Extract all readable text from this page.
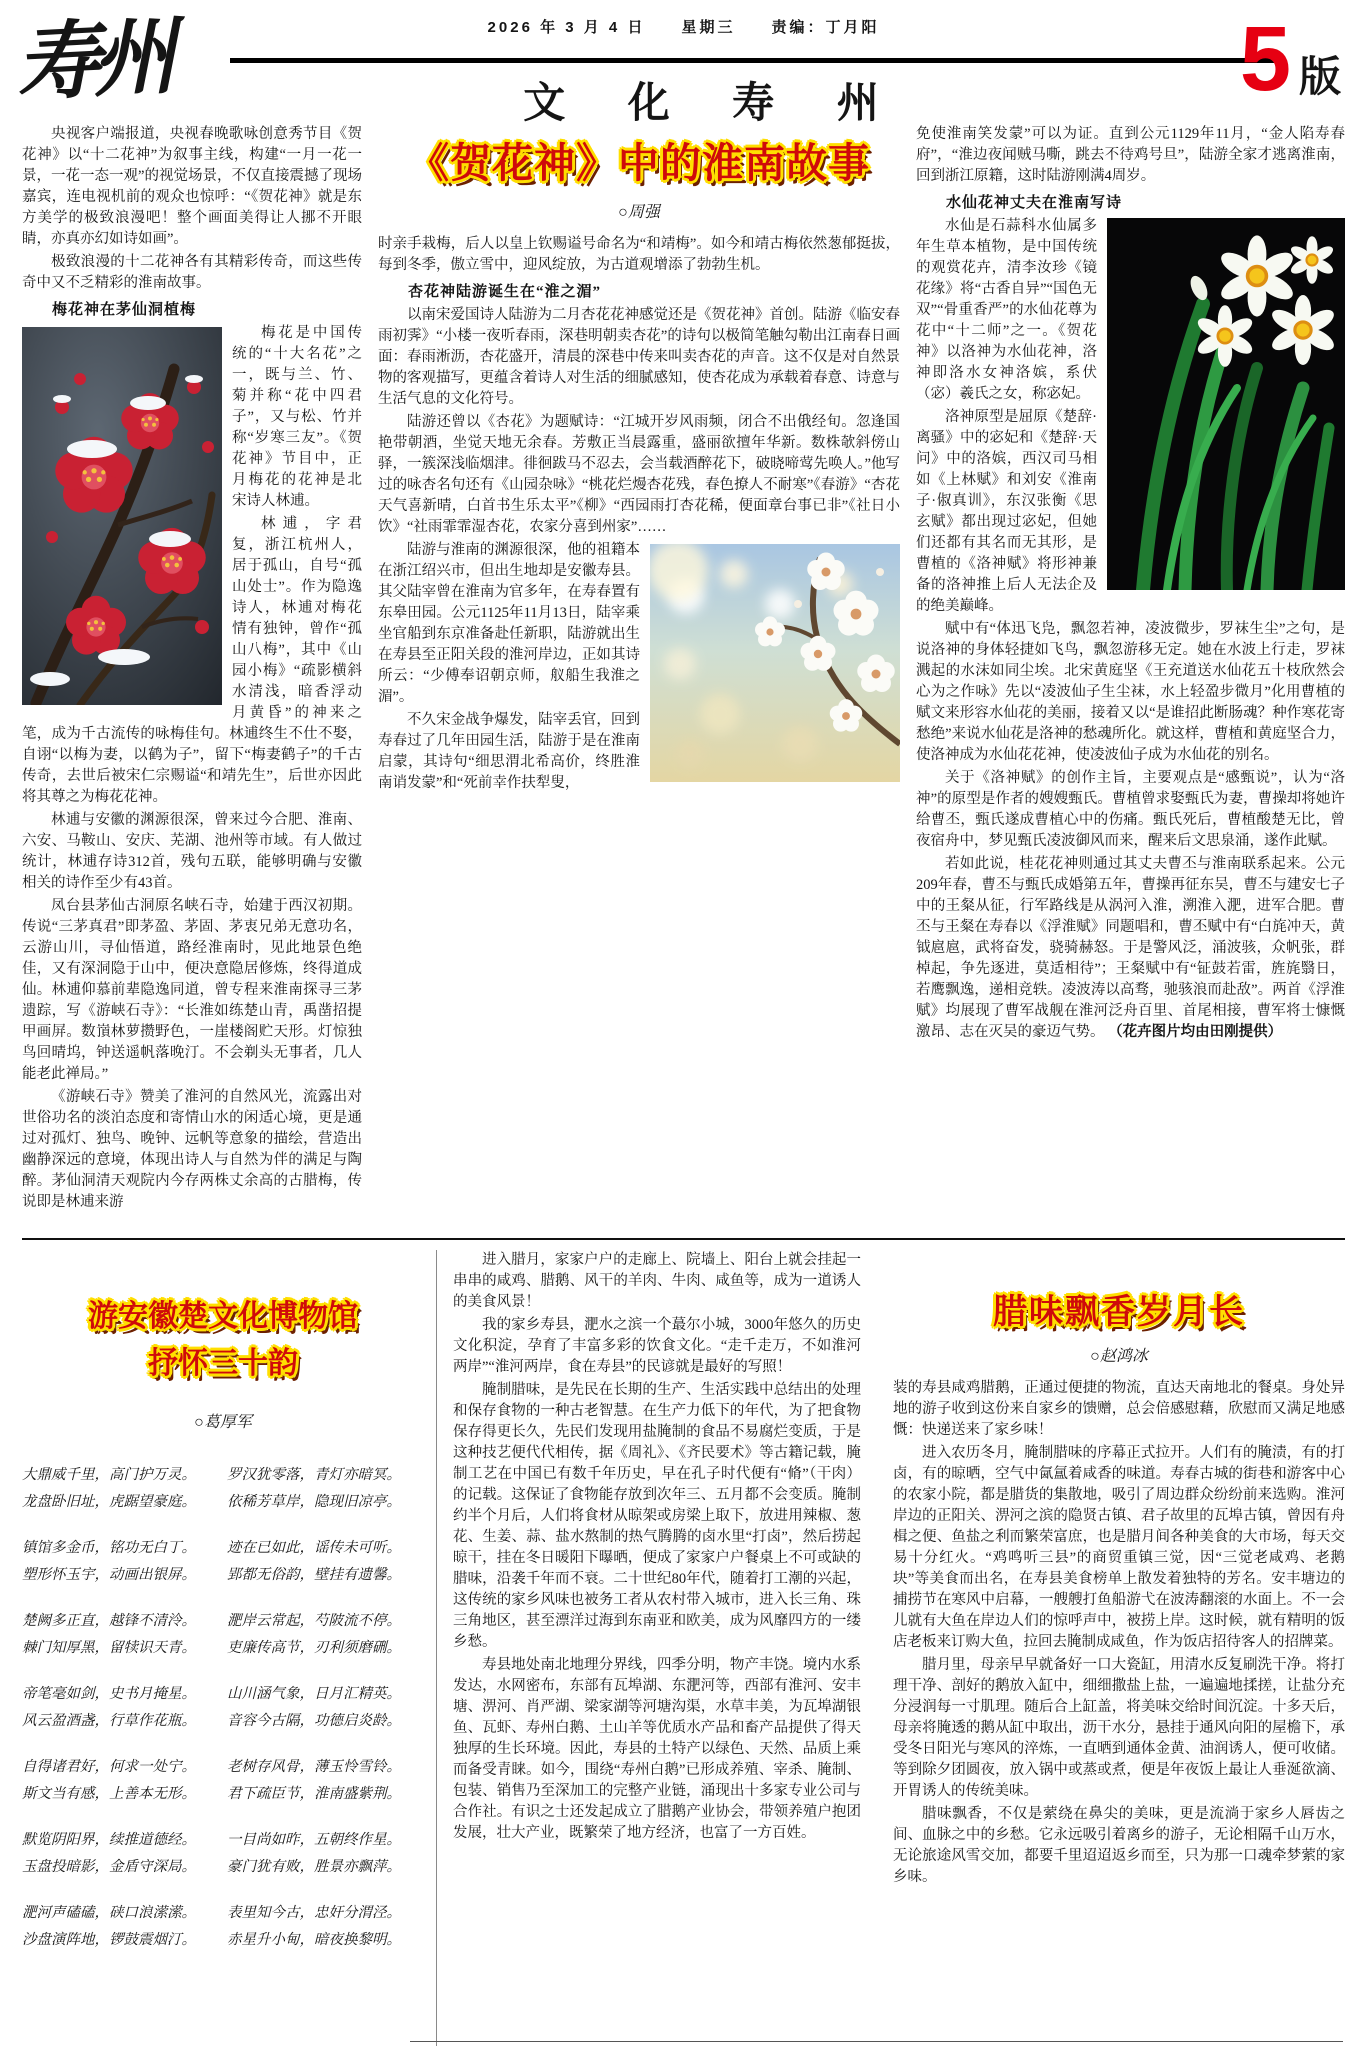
2026 年 3 月 4 日　　星期三　　责编：丁月阳
寿州	文 化 寿 州	5 版

央视客户端报道，央视春晚歌咏创意秀节目《贺花神》以“十二花神”为叙事主线，构建“一月一花一景，一花一态一观”的视觉场景，不仅直接震撼了现场嘉宾，连电视机前的观众也惊呼：“《贺花神》就是东方美学的极致浪漫吧！整个画面美得让人挪不开眼睛，亦真亦幻如诗如画”。

极致浪漫的十二花神各有其精彩传奇，而这些传奇中又不乏精彩的淮南故事。

梅花神在茅仙洞植梅

梅花是中国传统的“十大名花”之一，既与兰、竹、菊并称“花中四君子”，又与松、竹并称“岁寒三友”。《贺花神》节目中，正月梅花的花神是北宋诗人林逋。

林逋，字君复，浙江杭州人，居于孤山，自号“孤山处士”。作为隐逸诗人，林逋对梅花情有独钟，曾作“孤山八梅”，其中《山园小梅》“疏影横斜水清浅，暗香浮动月黄昏”的神来之笔，成为千古流传的咏梅佳句。林逋终生不仕不娶，自诩“以梅为妻，以鹤为子”，留下“梅妻鹤子”的千古传奇，去世后被宋仁宗赐谥“和靖先生”，后世亦因此将其尊之为梅花花神。

林逋与安徽的渊源很深，曾来过今合肥、淮南、六安、马鞍山、安庆、芜湖、池州等市域。有人做过统计，林逋存诗312首，残句五联，能够明确与安徽相关的诗作至少有43首。

凤台县茅仙古洞原名峡石寺，始建于西汉初期。传说“三茅真君”即茅盈、茅固、茅衷兄弟无意功名，云游山川，寻仙悟道，路经淮南时，见此地景色绝佳，又有深洞隐于山中，便决意隐居修炼，终得道成仙。林逋仰慕前辈隐逸同道，曾专程来淮南探寻三茅遗踪，写《游峡石寺》：“长淮如练楚山青，禹凿招提甲画屏。数嵿林萝攒野色，一崖楼阁贮天形。灯惊独鸟回晴坞，钟送遥帆落晚汀。不会剃头无事者，几人能老此禅局。”

《游峡石寺》赞美了淮河的自然风光，流露出对世俗功名的淡泊态度和寄情山水的闲适心境，更是通过对孤灯、独鸟、晚钟、远帆等意象的描绘，营造出幽静深远的意境，体现出诗人与自然为伴的满足与陶醉。茅仙洞清天观院内今存两株丈余高的古腊梅，传说即是林逋来游

《贺花神》中的淮南故事
○周强

时亲手栽梅，后人以皇上钦赐谥号命名为“和靖梅”。如今和靖古梅依然葱郁挺拔，每到冬季，傲立雪中，迎风绽放，为古道观增添了勃勃生机。

杏花神陆游诞生在“淮之湄”

以南宋爱国诗人陆游为二月杏花花神感觉还是《贺花神》首创。陆游《临安春雨初霁》“小楼一夜听春雨，深巷明朝卖杏花”的诗句以极简笔触勾勒出江南春日画面：春雨淅沥，杏花盛开，清晨的深巷中传来叫卖杏花的声音。这不仅是对自然景物的客观描写，更蕴含着诗人对生活的细腻感知，使杏花成为承载着春意、诗意与生活气息的文化符号。

陆游还曾以《杏花》为题赋诗：“江城开岁风雨频，闭合不出俄经旬。忽逢国艳带朝酒，坐觉天地无余春。芳敷正当晨露重，盛丽欲擅年华新。数株欹斜傍山驿，一簇深浅临烟津。徘徊跋马不忍去，会当载酒醉花下，破晓啼莺先唤人。”他写过的咏杏名句还有《山园杂咏》“桃花烂熳杏花残，春色撩人不耐寒”《春游》“杏花天气喜新晴，白首书生乐太平”《柳》“西园雨打杏花稀，便面章台事已非”《社日小饮》“社雨霏霏湿杏花，农家分喜到州家”……

陆游与淮南的渊源很深，他的祖籍本在浙江绍兴市，但出生地却是安徽寿县。其父陆宰曾在淮南为官多年，在寿春置有东皋田园。公元1125年11月13日，陆宰乘坐官船到东京准备赴任新职，陆游就出生在寿县至正阳关段的淮河岸边，正如其诗所云：“少傅奉诏朝京师，舣船生我淮之湄”。

不久宋金战争爆发，陆宰丢官，回到寿春过了几年田园生活，陆游于是在淮南启蒙，其诗句“细思渭北希高价，终胜淮南诮发蒙”和“死前幸作扶犁叟，

免使淮南笑发蒙”可以为证。直到公元1129年11月，“金人陷寿春府”，“淮边夜闻贼马嘶，跳去不待鸡号旦”，陆游全家才逃离淮南，回到浙江原籍，这时陆游刚满4周岁。

水仙花神丈夫在淮南写诗

水仙是石蒜科水仙属多年生草本植物，是中国传统的观赏花卉，清李汝珍《镜花缘》将“古香自异”“国色无双”“骨重香严”的水仙花尊为花中“十二师”之一。《贺花神》以洛神为水仙花神，洛神即洛水女神洛嫔，系伏（宓）羲氏之女，称宓妃。

洛神原型是屈原《楚辞·离骚》中的宓妃和《楚辞·天问》中的洛嫔，西汉司马相如《上林赋》和刘安《淮南子·俶真训》，东汉张衡《思玄赋》都出现过宓妃，但她们还都有其名而无其形，是曹植的《洛神赋》将形神兼备的洛神推上后人无法企及的绝美巅峰。

赋中有“体迅飞凫，飘忽若神，凌波微步，罗袜生尘”之句，是说洛神的身体轻捷如飞鸟，飘忽游移无定。她在水波上行走，罗袜溅起的水沫如同尘埃。北宋黄庭坚《王充道送水仙花五十枝欣然会心为之作咏》先以“凌波仙子生尘袜，水上轻盈步微月”化用曹植的赋文来形容水仙花的美丽，接着又以“是谁招此断肠魂？种作寒花寄愁绝”来说水仙花是洛神的愁魂所化。就这样，曹植和黄庭坚合力，使洛神成为水仙花花神，使凌波仙子成为水仙花的别名。

关于《洛神赋》的创作主旨，主要观点是“感甄说”，认为“洛神”的原型是作者的嫂嫂甄氏。曹植曾求娶甄氏为妻，曹操却将她许给曹丕，甄氏遂成曹植心中的伤痛。甄氏死后，曹植酸楚无比，曾夜宿舟中，梦见甄氏凌波御风而来，醒来后文思泉涌，遂作此赋。

若如此说，桂花花神则通过其丈夫曹丕与淮南联系起来。公元209年春，曹丕与甄氏成婚第五年，曹操再征东吴，曹丕与建安七子中的王粲从征，行军路线是从涡河入淮，溯淮入淝，进军合肥。曹丕与王粲在寿春以《浮淮赋》同题唱和，曹丕赋中有“白旄冲天，黄钺扈扈，武将奋发，骁骑赫怒。于是警风泛，涌波骇，众帆张，群棹起，争先逐进，莫适相待”；王粲赋中有“钲鼓若雷，旌旄翳日，若鹰飘逸，递相竞轶。凌波涛以高骛，驰骇浪而赴敌”。两首《浮淮赋》均展现了曹军战舰在淮河泛舟百里、首尾相接，曹军将士慷慨激昂、志在灭吴的豪迈气势。 （花卉图片均由田刚提供）

游安徽楚文化博物馆
抒怀三十韵
○葛厚军
大鼎威千里，高门护万灵。
龙盘卧旧址，虎踞望豪庭。
镇馆多金币，铭功无白丁。
塑形怀玉宇，动画出银屏。
楚阙多正直，越锋不清泠。
棘门知厚黑，留犊识天青。
帝笔毫如剑，史书月掩星。
风云盈酒盏，行草作花瓶。
自得诸君好，何求一处宁。
斯文当有感，上善本无形。
默览阴阳界，续推道德经。
玉盘投暗影，金盾守深局。
淝河声磕磕，硖口浪潆潆。
沙盘演阵地，锣鼓震烟汀。
罗汉犹零落，青灯亦暗冥。
依稀芳草岸，隐现旧凉亭。
迹在已如此，谣传未可听。
郢都无俗韵，壁挂有遗馨。
淝岸云常起，芍陂流不停。
吏廉传高节，刃利须磨硎。
山川涵气象，日月汇精英。
音容今古隔，功德启炎龄。
老树存风骨，薄玉怜雪铃。
君下疏臣节，淮南盛紫荆。
一目尚如昨，五朝终作星。
豪门犹有败，胜景亦飘萍。
表里知今古，忠奸分渭泾。
赤星升小甸，暗夜换黎明。

进入腊月，家家户户的走廊上、院墙上、阳台上就会挂起一串串的咸鸡、腊鹅、风干的羊肉、牛肉、咸鱼等，成为一道诱人的美食风景！

我的家乡寿县，淝水之滨一个蕞尔小城，3000年悠久的历史文化积淀，孕育了丰富多彩的饮食文化。“走千走万，不如淮河两岸”“淮河两岸，食在寿县”的民谚就是最好的写照！

腌制腊味，是先民在长期的生产、生活实践中总结出的处理和保存食物的一种古老智慧。在生产力低下的年代，为了把食物保存得更长久，先民们发现用盐腌制的食品不易腐烂变质，于是这种技艺便代代相传，据《周礼》、《齐民要术》等古籍记载，腌制工艺在中国已有数千年历史，早在孔子时代便有“脩”（干肉）的记载。这保证了食物能存放到次年三、五月都不会变质。腌制约半个月后，人们将食材从晾架或房梁上取下，放进用辣椒、葱花、生姜、蒜、盐水熬制的热气腾腾的卤水里“打卤”，然后捞起晾干，挂在冬日暖阳下曝晒，便成了家家户户餐桌上不可或缺的腊味，沿袭千年而不衰。二十世纪80年代，随着打工潮的兴起，这传统的家乡风味也被务工者从农村带入城市，进入长三角、珠三角地区，甚至漂洋过海到东南亚和欧美，成为风靡四方的一缕乡愁。

寿县地处南北地理分界线，四季分明，物产丰饶。境内水系发达，水网密布，东部有瓦埠湖、东淝河等，西部有淮河、安丰塘、淠河、肖严湖、梁家湖等河塘沟渠，水草丰美，为瓦埠湖银鱼、瓦虾、寿州白鹅、土山羊等优质水产品和畜产品提供了得天独厚的生长环境。因此，寿县的土特产以绿色、天然、品质上乘而备受青睐。如今，围绕“寿州白鹅”已形成养殖、宰杀、腌制、包装、销售乃至深加工的完整产业链，涌现出十多家专业公司与合作社。有识之士还发起成立了腊鹅产业协会，带领养殖户抱团发展，壮大产业，既繁荣了地方经济，也富了一方百姓。

腊味飘香岁月长
○赵鸿冰

装的寿县咸鸡腊鹅，正通过便捷的物流，直达天南地北的餐桌。身处异地的游子收到这份来自家乡的馈赠，总会倍感慰藉，欣慰而又满足地感慨：快递送来了家乡味！

进入农历冬月，腌制腊味的序幕正式拉开。人们有的腌渍，有的打卤，有的晾晒，空气中氤氲着咸香的味道。寿春古城的街巷和游客中心的农家小院，都是腊货的集散地，吸引了周边群众纷纷前来选购。淮河岸边的正阳关、淠河之滨的隐贤古镇、君子故里的瓦埠古镇，曾因有舟楫之便、鱼盐之利而繁荣富庶，也是腊月间各种美食的大市场，每天交易十分红火。“鸡鸣听三县”的商贸重镇三觉，因“三觉老咸鸡、老鹅块”等美食而出名，在寿县美食榜单上散发着独特的芳名。安丰塘边的捕捞节在寒风中启幕，一艘艘打鱼船游弋在波涛翻滚的水面上。不一会儿就有大鱼在岸边人们的惊呼声中，被捞上岸。这时候，就有精明的饭店老板来订购大鱼，拉回去腌制成咸鱼，作为饭店招待客人的招牌菜。

腊月里，母亲早早就备好一口大瓷缸，用清水反复刷洗干净。将打理干净、剖好的鹅放入缸中，细细撒盐上盐，一遍遍地揉搓，让盐分充分浸润每一寸肌理。随后合上缸盖，将美味交给时间沉淀。十多天后，母亲将腌透的鹅从缸中取出，沥干水分，悬挂于通风向阳的屋檐下，承受冬日阳光与寒风的淬炼，一直晒到通体金黄、油润诱人，便可收储。等到除夕团圆夜，放入锅中或蒸或煮，便是年夜饭上最让人垂涎欲滴、开胃诱人的传统美味。

腊味飘香，不仅是萦绕在鼻尖的美味，更是流淌于家乡人唇齿之间、血脉之中的乡愁。它永远吸引着离乡的游子，无论相隔千山万水，无论旅途风雪交加，都要千里迢迢返乡而至，只为那一口魂牵梦萦的家乡味。
